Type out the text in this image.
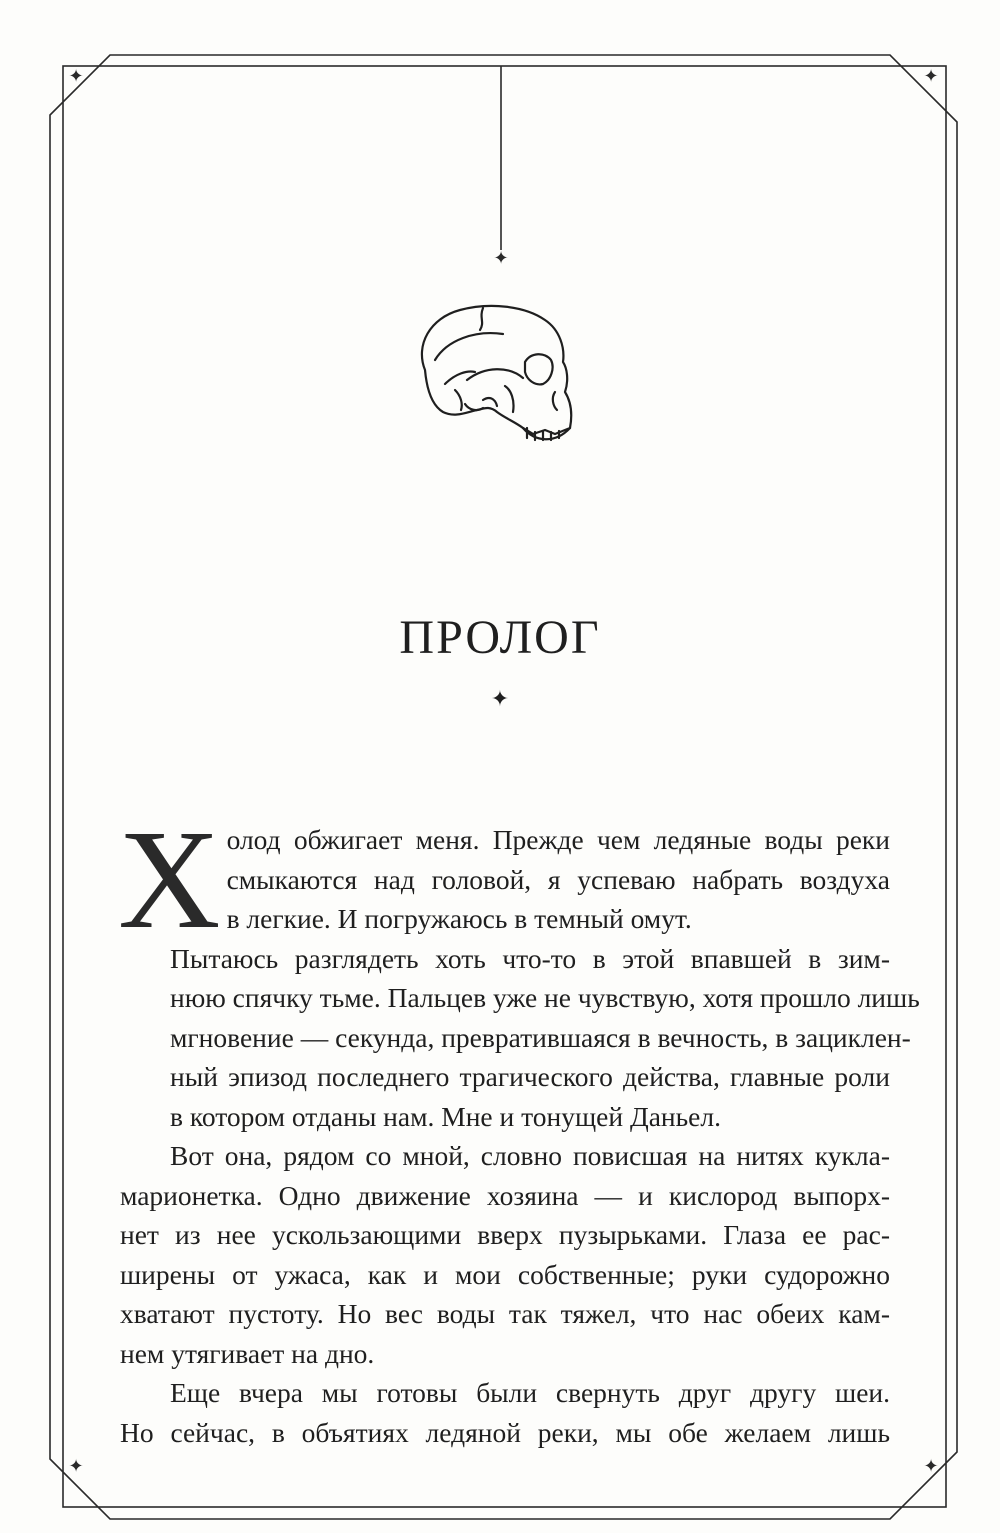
✦	✦
✦	✦
✦
ПРОЛОГ
✦

Х олод обжигает меня. Прежде чем ледяные воды реки
смыкаются над головой, я успеваю набрать воздуха
в легкие. И погружаюсь в темный омут.

Пытаюсь разглядеть хоть что-то в этой впавшей в зим-
нюю спячку тьме. Пальцев уже не чувствую, хотя прошло лишь
мгновение — секунда, превратившаяся в вечность, в зациклен-
ный эпизод последнего трагического действа, главные роли
в котором отданы нам. Мне и тонущей Даньел.

Вот она, рядом со мной, словно повисшая на нитях кукла-
марионетка. Одно движение хозяина — и кислород выпорх-
нет из нее ускользающими вверх пузырьками. Глаза ее рас-
ширены от ужаса, как и мои собственные; руки судорожно
хватают пустоту. Но вес воды так тяжел, что нас обеих кам-
нем утягивает на дно.

Еще вчера мы готовы были свернуть друг другу шеи.
Но сейчас, в объятиях ледяной реки, мы обе желаем лишь
